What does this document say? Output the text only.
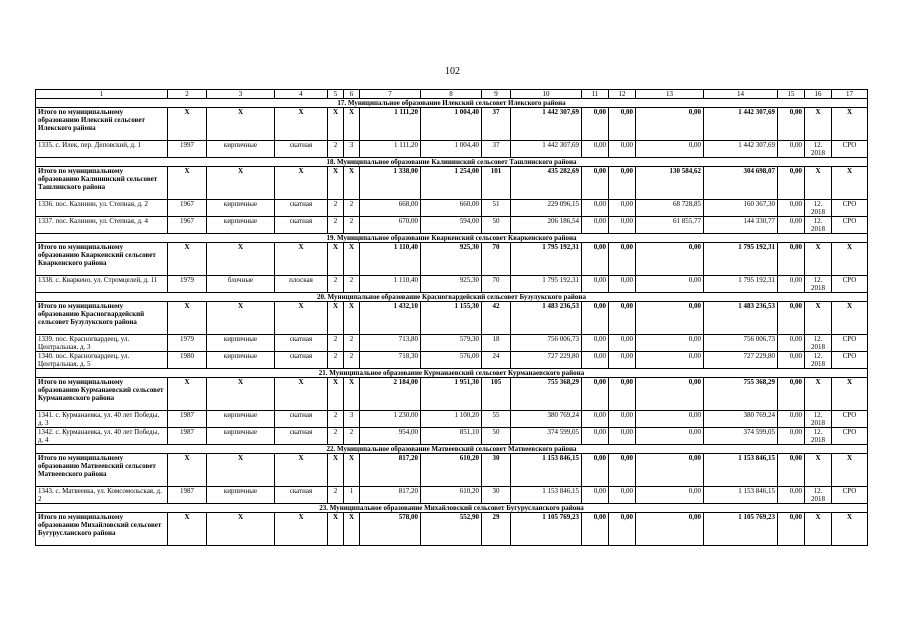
102
1	2	3	4	5	6	7	8	9	10	11	12	13	14	15	16	17
17. Муниципальное образование Илекский сельсовет Илекского района																
Итого по муниципальному образованию Илекский сельсовет Илекского района	X	X	X	X	X	1 111,20	1 004,40	37	1 442 307,69	0,00	0,00	0,00	1 442 307,69	0,00	X	X
1335. с. Илек, пер. Деповский, д. 1	1997	кирпичные	скатная	2	3	1 111,20	1 004,40	37	1 442 307,69	0,00	0,00	0,00	1 442 307,69	0,00	12. 2018	СРО
18. Муниципальное образование Калининский сельсовет Ташлинского района																
Итого по муниципальному образованию Калининский сельсовет Ташлинского района	X	X	X	X	X	1 338,00	1 254,00	101	435 282,69	0,00	0,00	130 584,62	304 698,07	0,00	X	X
1336. пос. Калинин, ул. Степная, д. 2	1967	кирпичные	скатная	2	2	668,00	660,00	51	229 096,15	0,00	0,00	68 728,85	160 367,30	0,00	12. 2018	СРО
1337. пос. Калинин, ул. Степная, д. 4	1967	кирпичные	скатная	2	2	670,00	594,00	50	206 186,54	0,00	0,00	61 855,77	144 330,77	0,00	12. 2018	СРО
19. Муниципальное образование Кваркенский сельсовет Кваркенского района																
Итого по муниципальному образованию Кваркенский сельсовет Кваркенского района	X	X	X	X	X	1 110,40	925,30	70	1 795 192,31	0,00	0,00	0,00	1 795 192,31	0,00	X	X
1338. с. Кваркено, ул. Стромцелей, д. 11	1979	блочные	плоская	2	2	1 110,40	925,30	70	1 795 192,31	0,00	0,00	0,00	1 795 192,31	0,00	12. 2018	СРО
20. Муниципальное образование Красногвардейский сельсовет Бузулукского района																
Итого по муниципальному образованию Красногвардейский сельсовет Бузулукского района	X	X	X	X	X	1 432,10	1 155,30	42	1 483 236,53	0,00	0,00	0,00	1 483 236,53	0,00	X	X
1339. пос. Красногвардеец, ул. Центральная, д. 3	1979	кирпичные	скатная	2	2	713,80	579,30	18	756 006,73	0,00	0,00	0,00	756 006,73	0,00	12. 2018	СРО
1340. пос. Красногвардеец, ул. Центральная, д. 5	1980	кирпичные	скатная	2	2	718,30	576,00	24	727 229,80	0,00	0,00	0,00	727 229,80	0,00	12. 2018	СРО
21. Муниципальное образование Курманаевский сельсовет Курманаевского района																
Итого по муниципальному образованию Курманаевский сельсовет Курманаевского района	X	X	X	X	X	2 184,00	1 951,30	105	755 368,29	0,00	0,00	0,00	755 368,29	0,00	X	X
1341. с. Курманаевка, ул. 40 лет Победы, д. 3	1987	кирпичные	скатная	2	3	1 230,00	1 100,20	55	380 769,24	0,00	0,00	0,00	380 769,24	0,00	12. 2018	СРО
1342. с. Курманаевка, ул. 40 лет Победы, д. 4	1987	кирпичные	скатная	2	2	954,00	851,10	50	374 599,05	0,00	0,00	0,00	374 599,05	0,00	12. 2018	СРО
22. Муниципальное образование Матвеевский сельсовет Матвеевского района																
Итого по муниципальному образованию Матвеевский сельсовет Матвеевского района	X	X	X	X	X	817,20	610,20	30	1 153 846,15	0,00	0,00	0,00	1 153 846,15	0,00	X	X
1343. с. Матвеевка, ул. Комсомольская, д. 2	1987	кирпичные	скатная	2	1	817,20	610,20	30	1 153 846,15	0,00	0,00	0,00	1 153 846,15	0,00	12. 2018	СРО
23. Муниципальное образование Михайловский сельсовет Бугурусланского района																
Итого по муниципальному образованию Михайловский сельсовет Бугурусланского района	X	X	X	X	X	578,00	552,90	29	1 105 769,23	0,00	0,00	0,00	1 105 769,23	0,00	X	X
